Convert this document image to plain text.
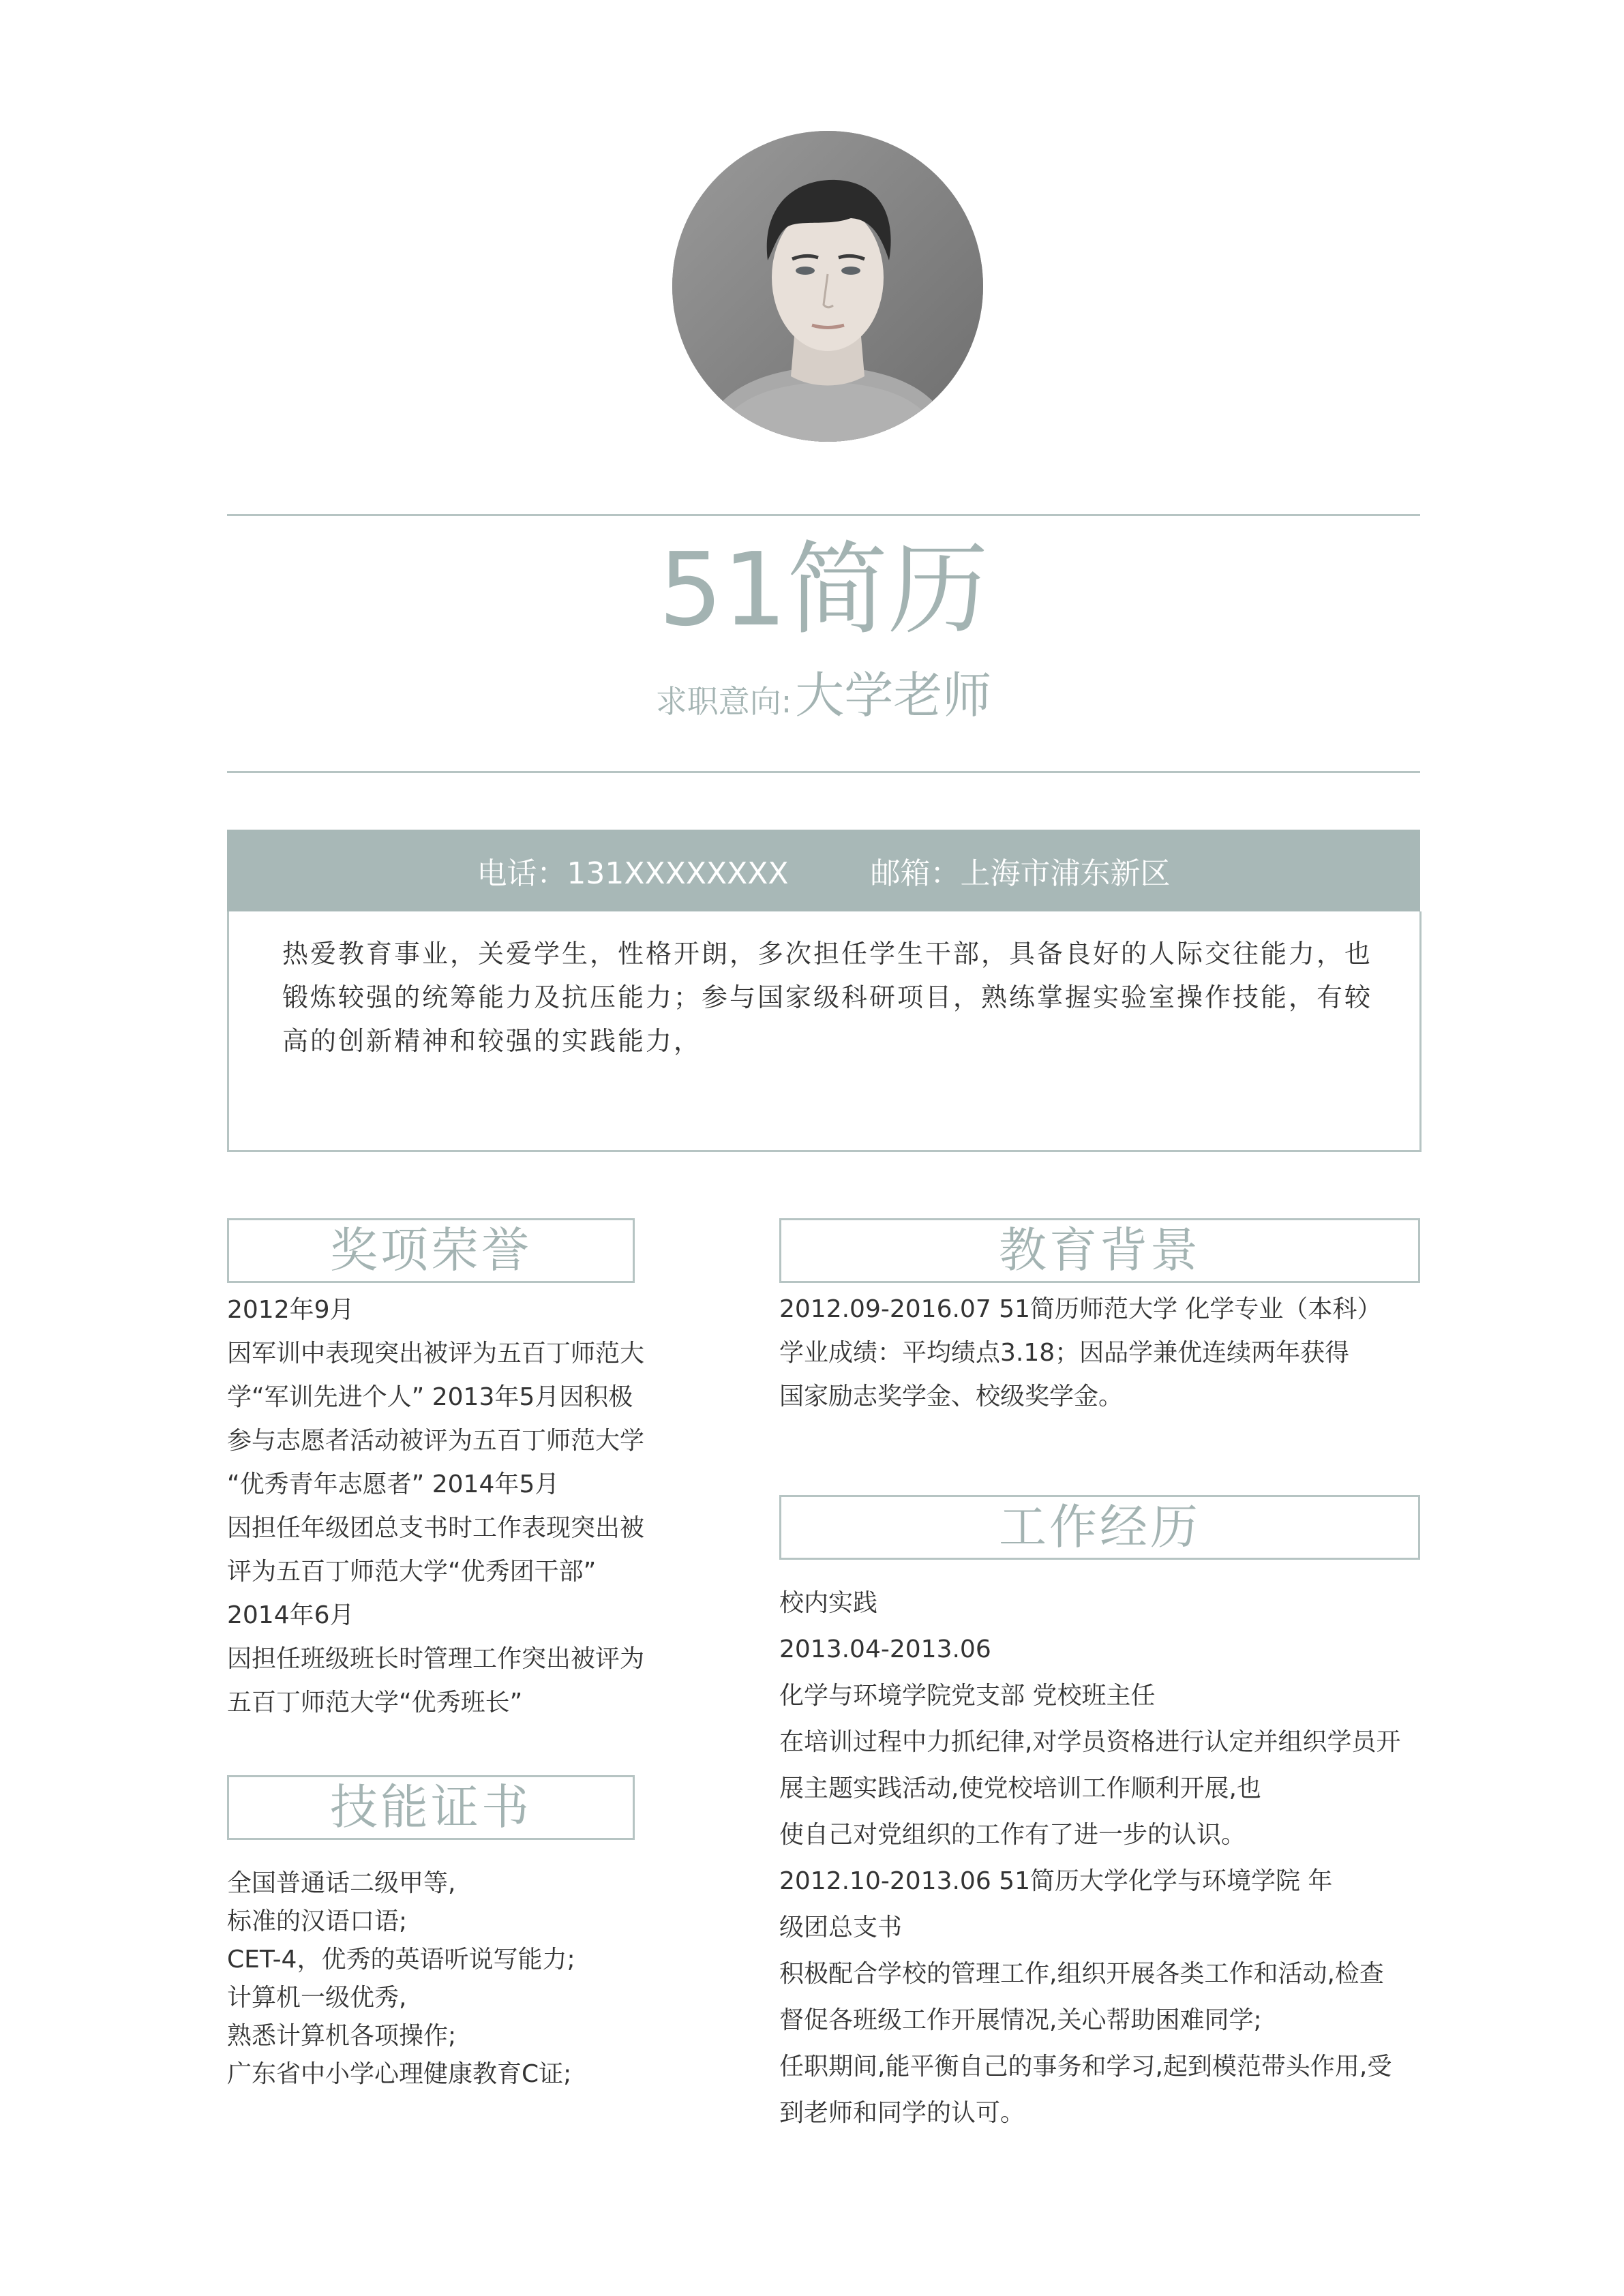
51简历
求职意向: 大学老师
电话：131XXXXXXXX	邮箱：上海市浦东新区
热爱教育事业，关爱学生，性格开朗，多次担任学生干部，具备良好的人际交往能力，也
锻炼较强的统筹能力及抗压能力；参与国家级科研项目，熟练掌握实验室操作技能，有较
高的创新精神和较强的实践能力，
奖项荣誉
2012年9月
因军训中表现突出被评为五百丁师范大
学“军训先进个人” 2013年5月因积极
参与志愿者活动被评为五百丁师范大学
“优秀青年志愿者” 2014年5月
因担任年级团总支书时工作表现突出被
评为五百丁师范大学“优秀团干部”
2014年6月
因担任班级班长时管理工作突出被评为
五百丁师范大学“优秀班长”
技能证书
全国普通话二级甲等,
标准的汉语口语;
CET-4，优秀的英语听说写能力;
计算机一级优秀,
熟悉计算机各项操作;
广东省中小学心理健康教育C证;
教育背景
2012.09-2016.07 51简历师范大学 化学专业（本科）
学业成绩：平均绩点3.18；因品学兼优连续两年获得
国家励志奖学金、校级奖学金。
工作经历
校内实践
2013.04-2013.06
化学与环境学院党支部 党校班主任
在培训过程中力抓纪律,对学员资格进行认定并组织学员开
展主题实践活动,使党校培训工作顺利开展,也
使自己对党组织的工作有了进一步的认识。
2012.10-2013.06 51简历大学化学与环境学院 年
级团总支书
积极配合学校的管理工作,组织开展各类工作和活动,检查
督促各班级工作开展情况,关心帮助困难同学;
任职期间,能平衡自己的事务和学习,起到模范带头作用,受
到老师和同学的认可。
